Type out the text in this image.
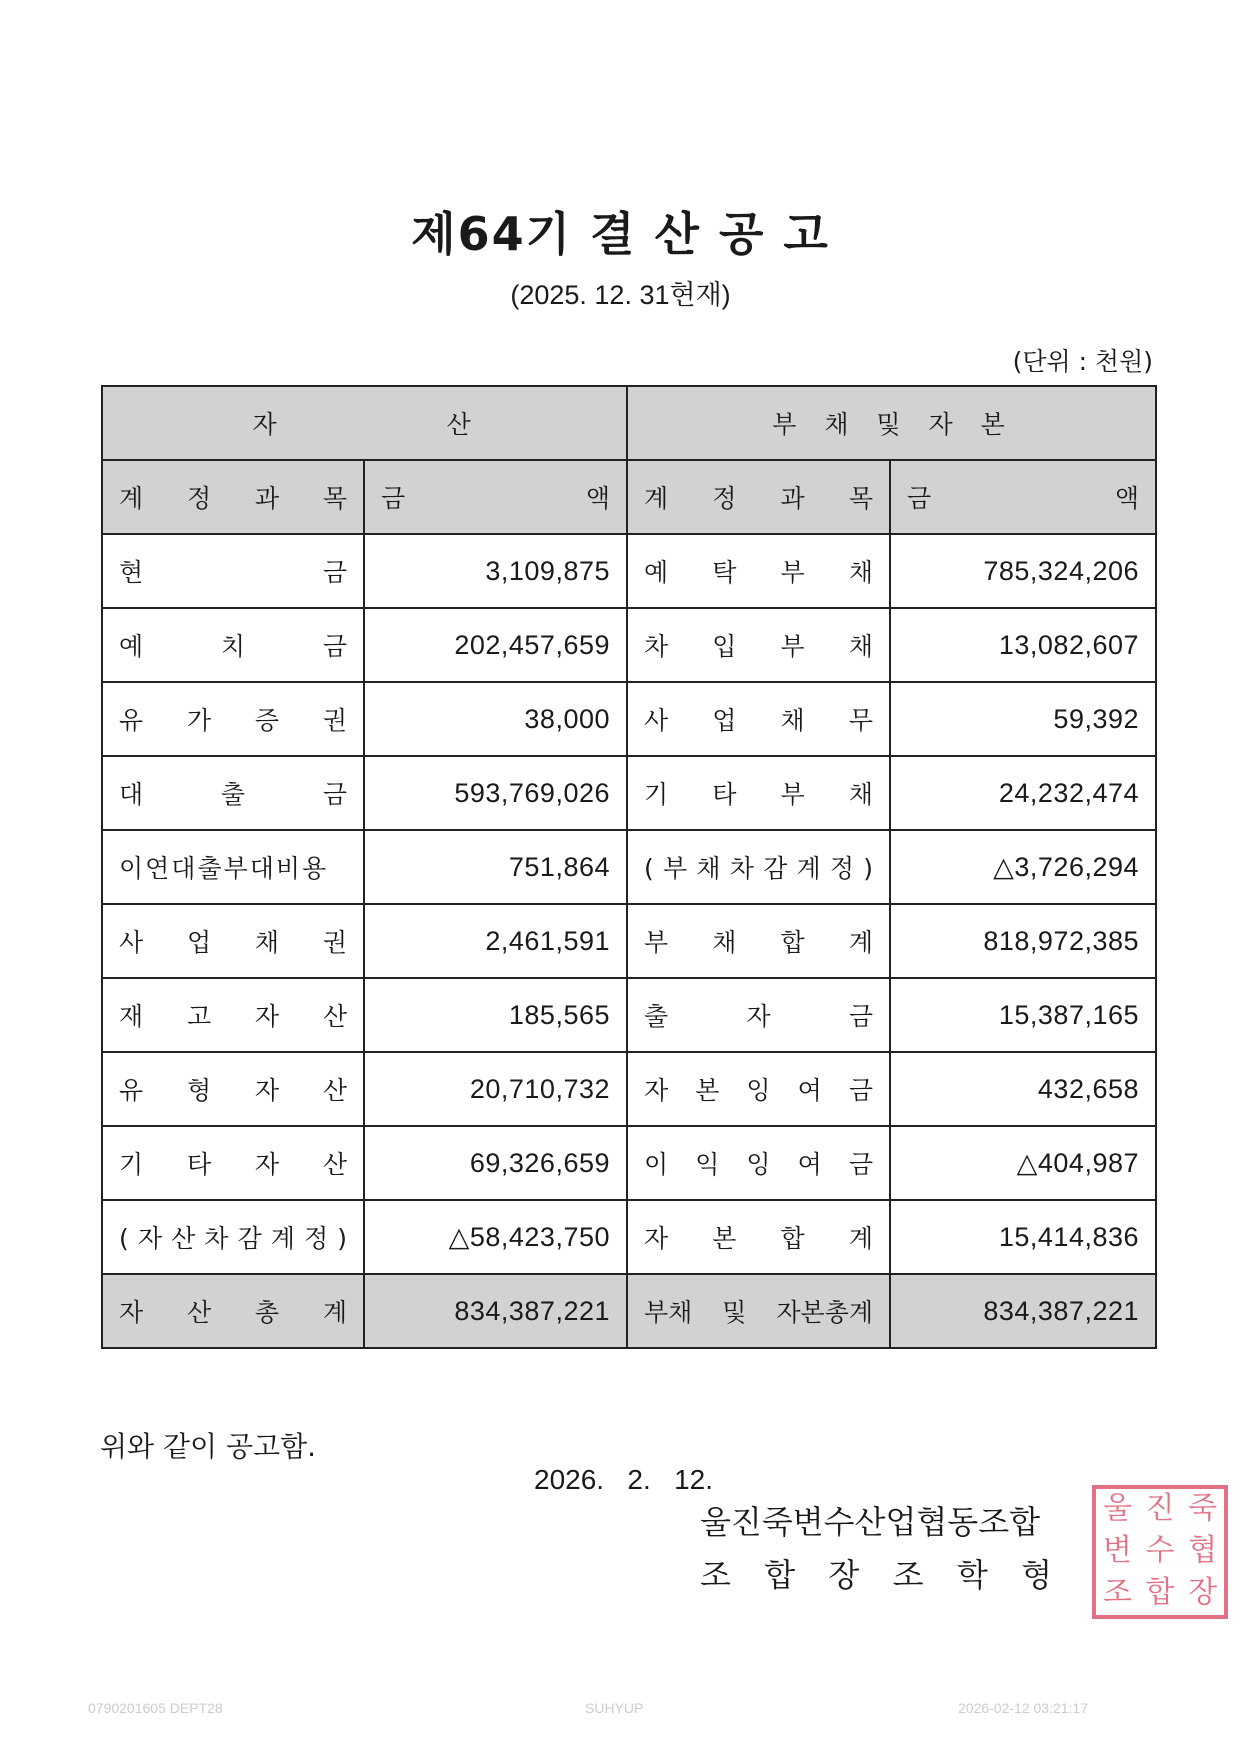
제64기 결 산 공 고
(2025. 12. 31현재)
(단위 : 천원)
자 산		부 채 및 자 본	
계 정 과 목	금 액	계 정 과 목	금 액

현 금	3,109,875	예 탁 부 채	785,324,206
예 치 금	202,457,659	차 입 부 채	13,082,607
유 가 증 권	38,000	사 업 채 무	59,392
대 출 금	593,769,026	기 타 부 채	24,232,474
이연대출부대비용	751,864	( 부 채 차 감 계 정 )	△3,726,294
사 업 채 권	2,461,591	부 채 합 계	818,972,385
재 고 자 산	185,565	출 자 금	15,387,165
유 형 자 산	20,710,732	자 본 잉 여 금	432,658
기 타 자 산	69,326,659	이 익 잉 여 금	△404,987
( 자 산 차 감 계 정 )	△58,423,750	자 본 합 계	15,414,836
자 산 총 계	834,387,221	부채 및 자본총계	834,387,221
위와 같이 공고함.
2026.   2.   12.
울진죽변수산업협동조합
조 합 장 조 학 형
울 진 죽
변 수 협
조 합 장
0790201605 DEPT28	SUHYUP	2026-02-12 03:21:17
